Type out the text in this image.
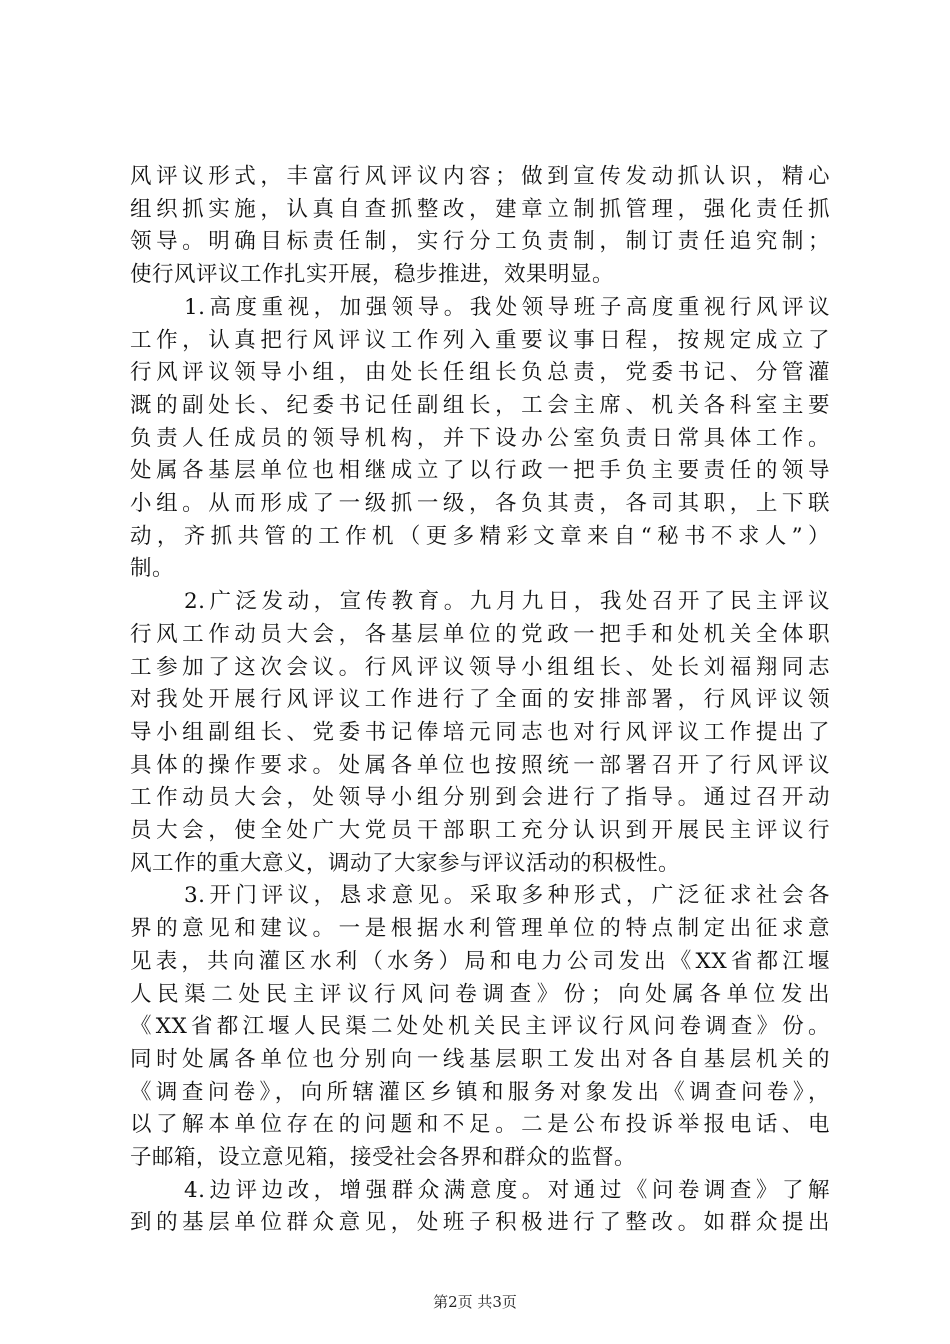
风评议形式，丰富行风评议内容；做到宣传发动抓认识，精心
组织抓实施，认真自查抓整改，建章立制抓管理，强化责任抓
领导。明确目标责任制，实行分工负责制，制订责任追究制；
使行风评议工作扎实开展，稳步推进，效果明显。
1.高度重视，加强领导。我处领导班子高度重视行风评议
工作，认真把行风评议工作列入重要议事日程，按规定成立了
行风评议领导小组，由处长任组长负总责，党委书记、分管灌
溉的副处长、纪委书记任副组长，工会主席、机关各科室主要
负责人任成员的领导机构，并下设办公室负责日常具体工作。
处属各基层单位也相继成立了以行政一把手负主要责任的领导
小组。从而形成了一级抓一级，各负其责，各司其职，上下联
动，齐抓共管的工作机（更多精彩文章来自“秘书不求人”）
制。
2.广泛发动，宣传教育。九月九日，我处召开了民主评议
行风工作动员大会，各基层单位的党政一把手和处机关全体职
工参加了这次会议。行风评议领导小组组长、处长刘福翔同志
对我处开展行风评议工作进行了全面的安排部署，行风评议领
导小组副组长、党委书记俸培元同志也对行风评议工作提出了
具体的操作要求。处属各单位也按照统一部署召开了行风评议
工作动员大会，处领导小组分别到会进行了指导。通过召开动
员大会，使全处广大党员干部职工充分认识到开展民主评议行
风工作的重大意义，调动了大家参与评议活动的积极性。
3.开门评议，恳求意见。采取多种形式，广泛征求社会各
界的意见和建议。一是根据水利管理单位的特点制定出征求意
见表，共向灌区水利（水务）局和电力公司发出《XX省都江堰
人民渠二处民主评议行风问卷调查》份；向处属各单位发出
《XX省都江堰人民渠二处处机关民主评议行风问卷调查》份。
同时处属各单位也分别向一线基层职工发出对各自基层机关的
《调查问卷》，向所辖灌区乡镇和服务对象发出《调查问卷》，
以了解本单位存在的问题和不足。二是公布投诉举报电话、电
子邮箱，设立意见箱，接受社会各界和群众的监督。
4.边评边改，增强群众满意度。对通过《问卷调查》了解
到的基层单位群众意见，处班子积极进行了整改。如群众提出
第2页 共3页
